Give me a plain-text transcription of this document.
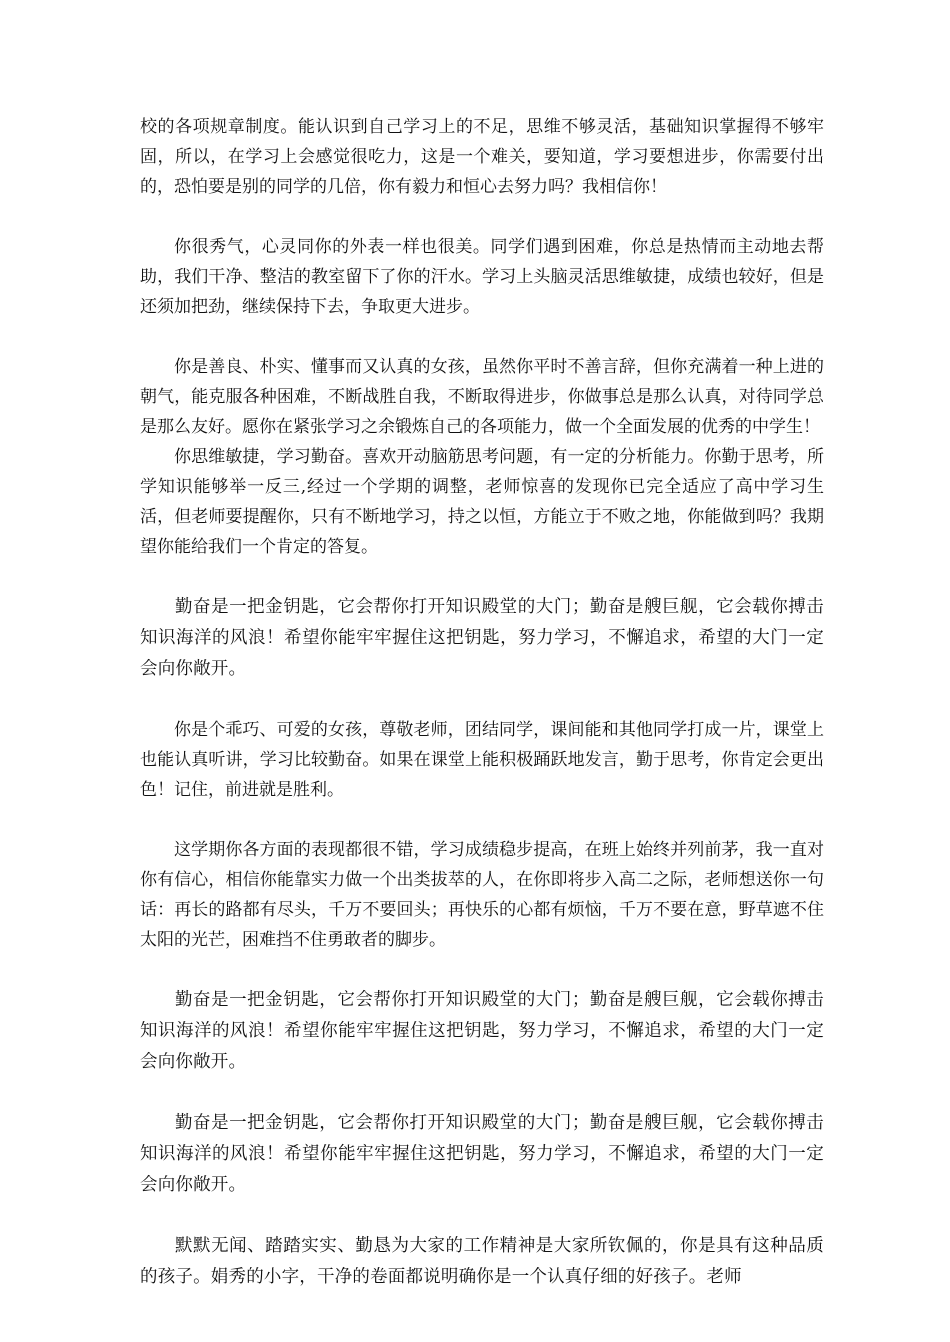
校的各项规章制度。能认识到自己学习上的不足，思维不够灵活，基础知识掌握得不够牢固，所以，在学习上会感觉很吃力，这是一个难关，要知道，学习要想进步，你需要付出的，恐怕要是别的同学的几倍，你有毅力和恒心去努力吗？我相信你！

你很秀气，心灵同你的外表一样也很美。同学们遇到困难，你总是热情而主动地去帮助，我们干净、整洁的教室留下了你的汗水。学习上头脑灵活思维敏捷，成绩也较好，但是还须加把劲，继续保持下去，争取更大进步。

你是善良、朴实、懂事而又认真的女孩，虽然你平时不善言辞，但你充满着一种上进的朝气，能克服各种困难，不断战胜自我，不断取得进步，你做事总是那么认真，对待同学总是那么友好。愿你在紧张学习之余锻炼自己的各项能力，做一个全面发展的优秀的中学生！

你思维敏捷，学习勤奋。喜欢开动脑筋思考问题，有一定的分析能力。你勤于思考，所学知识能够举一反三,经过一个学期的调整，老师惊喜的发现你已完全适应了高中学习生活，但老师要提醒你，只有不断地学习，持之以恒，方能立于不败之地，你能做到吗？我期望你能给我们一个肯定的答复。

勤奋是一把金钥匙，它会帮你打开知识殿堂的大门；勤奋是艘巨舰，它会载你搏击知识海洋的风浪！希望你能牢牢握住这把钥匙，努力学习，不懈追求，希望的大门一定会向你敞开。

你是个乖巧、可爱的女孩，尊敬老师，团结同学，课间能和其他同学打成一片，课堂上也能认真听讲，学习比较勤奋。如果在课堂上能积极踊跃地发言，勤于思考，你肯定会更出色！记住，前进就是胜利。

这学期你各方面的表现都很不错，学习成绩稳步提高，在班上始终并列前茅，我一直对你有信心，相信你能靠实力做一个出类拔萃的人，在你即将步入高二之际，老师想送你一句话：再长的路都有尽头，千万不要回头；再快乐的心都有烦恼，千万不要在意，野草遮不住太阳的光芒，困难挡不住勇敢者的脚步。

勤奋是一把金钥匙，它会帮你打开知识殿堂的大门；勤奋是艘巨舰，它会载你搏击知识海洋的风浪！希望你能牢牢握住这把钥匙，努力学习，不懈追求，希望的大门一定会向你敞开。

勤奋是一把金钥匙，它会帮你打开知识殿堂的大门；勤奋是艘巨舰，它会载你搏击知识海洋的风浪！希望你能牢牢握住这把钥匙，努力学习，不懈追求，希望的大门一定会向你敞开。

默默无闻、踏踏实实、勤恳为大家的工作精神是大家所钦佩的，你是具有这种品质的孩子。娟秀的小字，干净的卷面都说明确你是一个认真仔细的好孩子。老师
